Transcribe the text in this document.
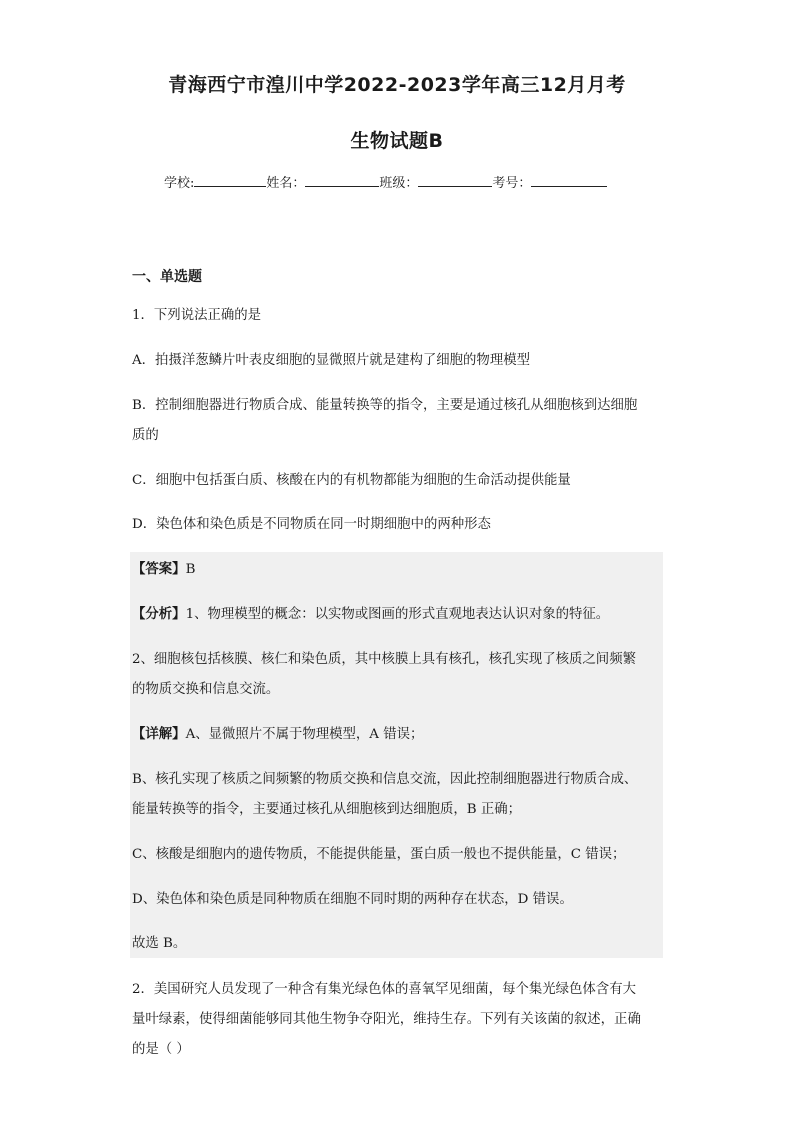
青海西宁市湟川中学2022-2023学年高三12月月考
生物试题B
学校:	姓名：	班级：	考号：
一、单选题
1．下列说法正确的是
A．拍摄洋葱鳞片叶表皮细胞的显微照片就是建构了细胞的物理模型
B．控制细胞器进行物质合成、能量转换等的指令，主要是通过核孔从细胞核到达细胞
质的
C．细胞中包括蛋白质、核酸在内的有机物都能为细胞的生命活动提供能量
D．染色体和染色质是不同物质在同一时期细胞中的两种形态
【答案】B
【分析】1、物理模型的概念：以实物或图画的形式直观地表达认识对象的特征。
2、细胞核包括核膜、核仁和染色质，其中核膜上具有核孔，核孔实现了核质之间频繁
的物质交换和信息交流。
【详解】A、显微照片不属于物理模型，A 错误；
B、核孔实现了核质之间频繁的物质交换和信息交流，因此控制细胞器进行物质合成、
能量转换等的指令，主要通过核孔从细胞核到达细胞质，B 正确；
C、核酸是细胞内的遗传物质，不能提供能量，蛋白质一般也不提供能量，C 错误；
D、染色体和染色质是同种物质在细胞不同时期的两种存在状态，D 错误。
故选 B。
2．美国研究人员发现了一种含有集光绿色体的喜氧罕见细菌，每个集光绿色体含有大
量叶绿素，使得细菌能够同其他生物争夺阳光，维持生存。下列有关该菌的叙述，正确
的是（ ）
